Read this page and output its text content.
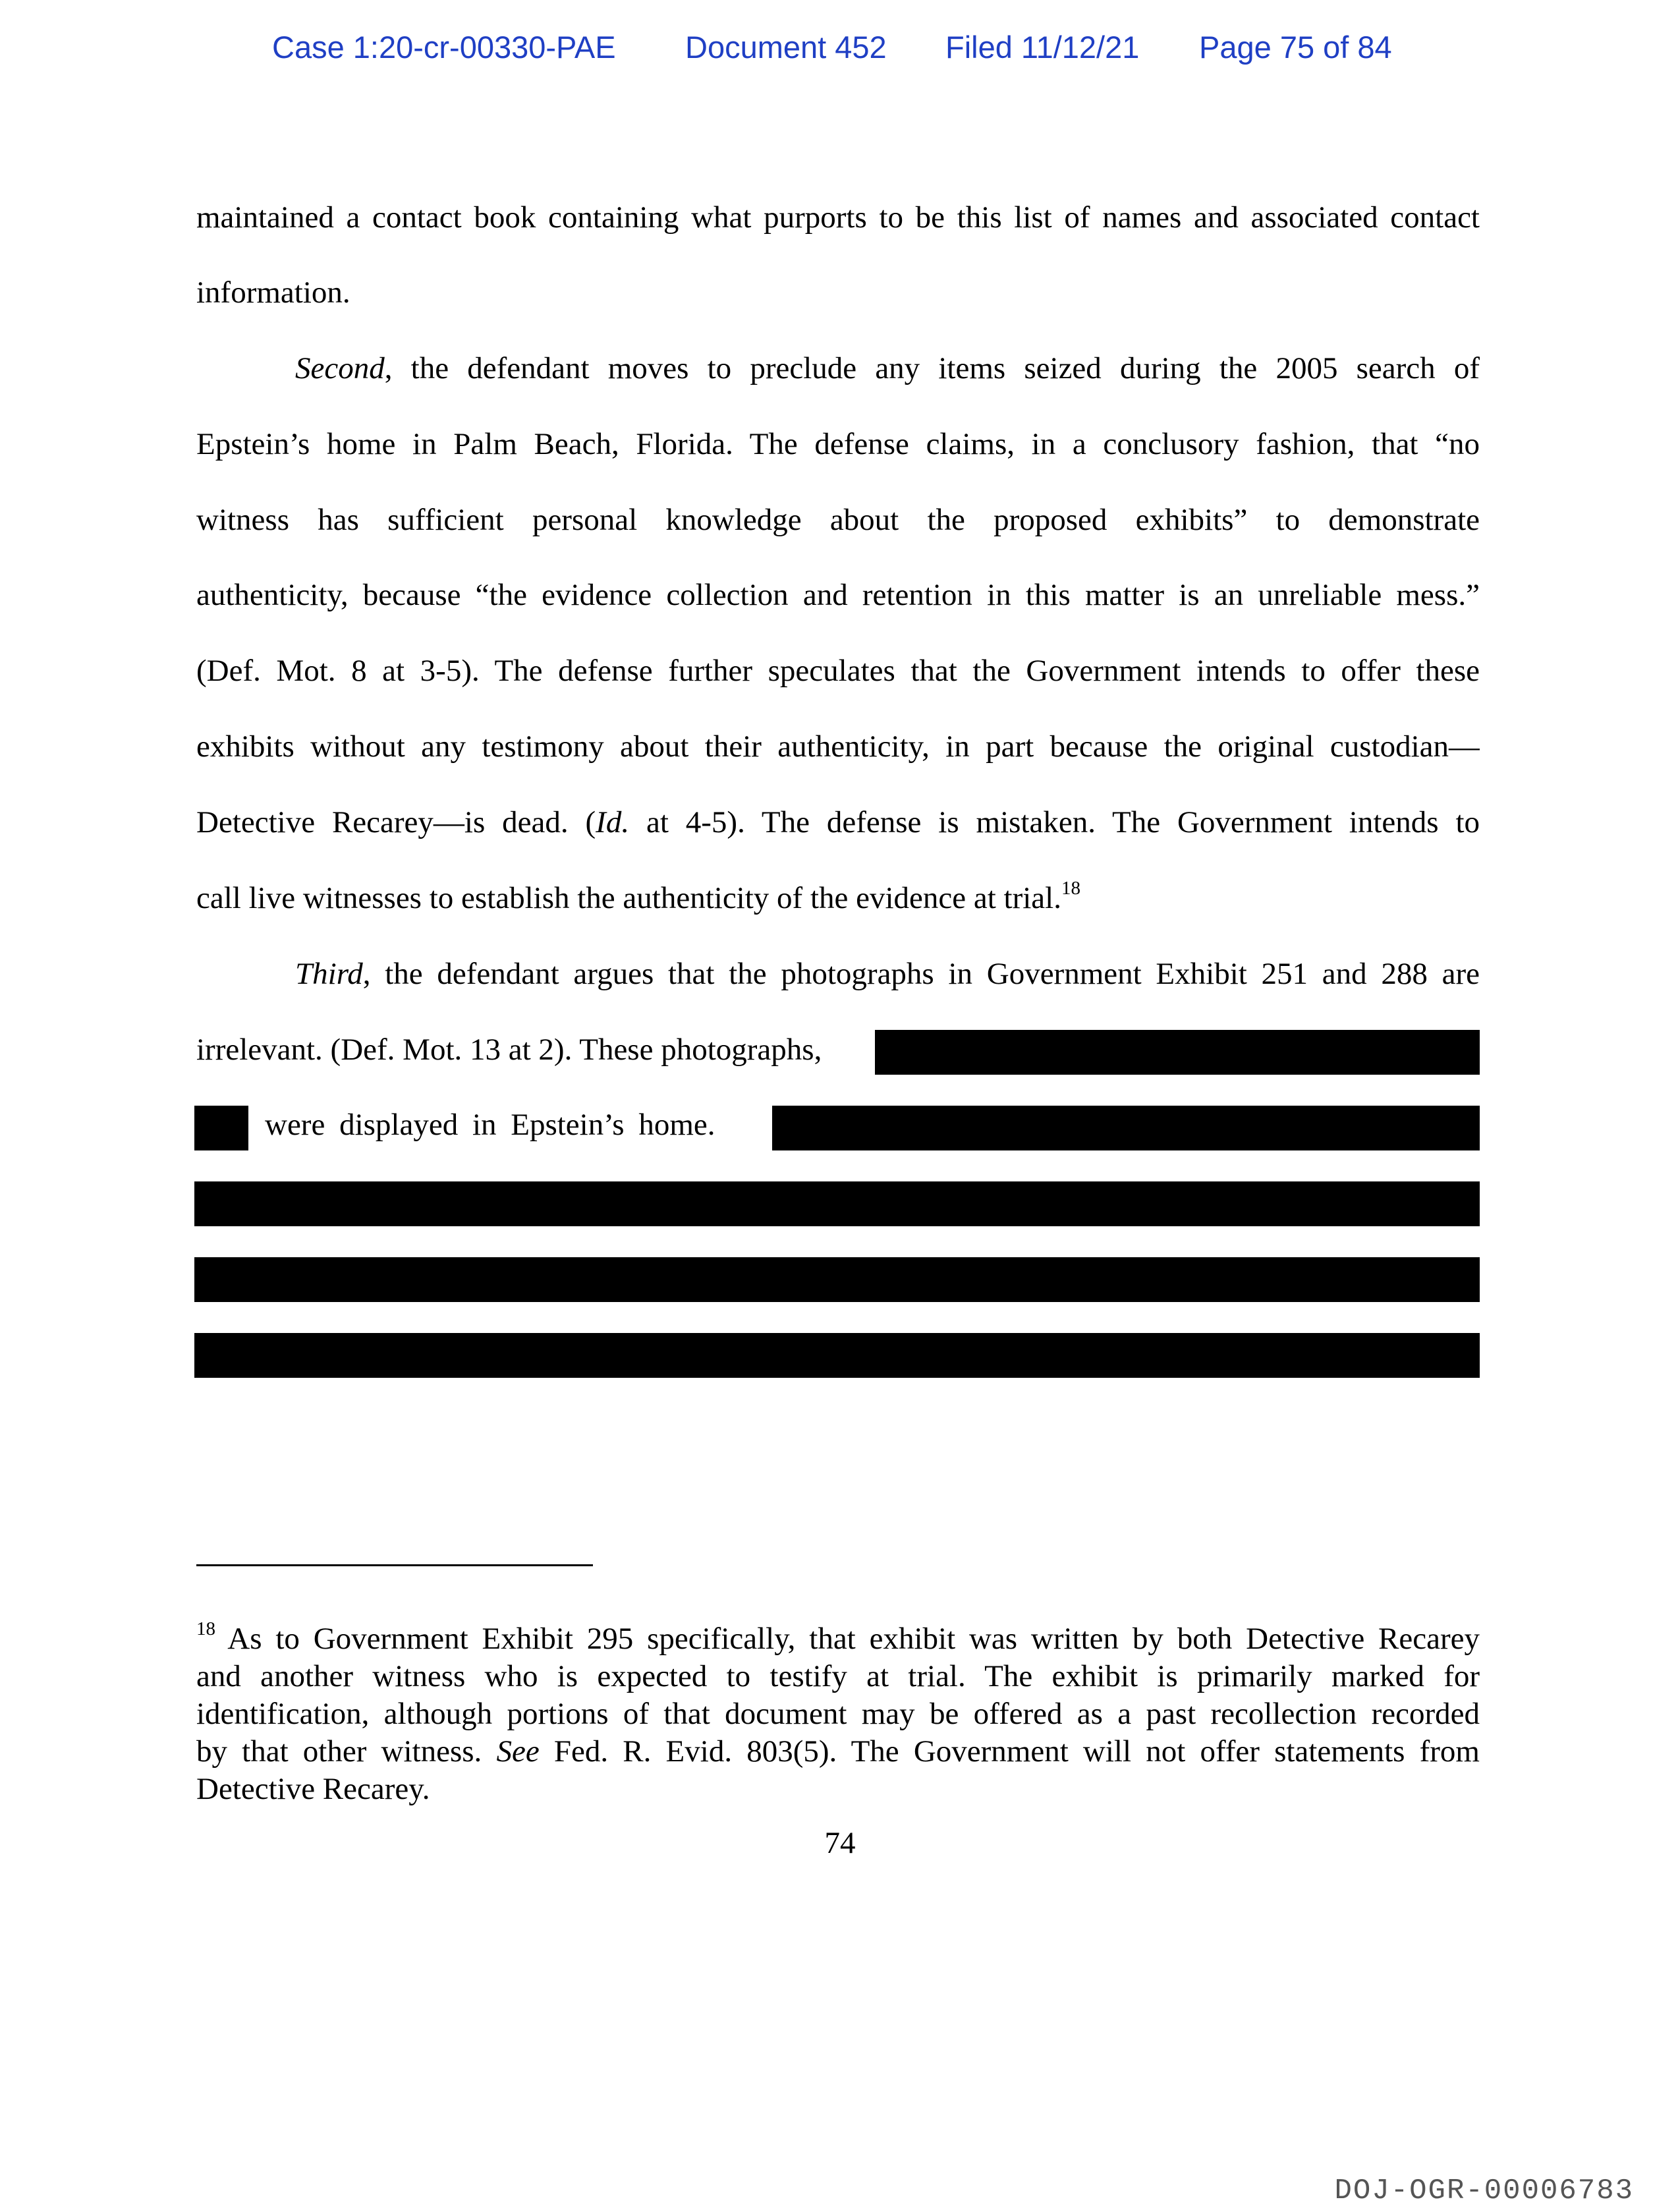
Case 1:20-cr-00330-PAE Document 452 Filed 11/12/21 Page 75 of 84
maintained a contact book containing what purports to be this list of names and associated contact
information.
Second, the defendant moves to preclude any items seized during the 2005 search of
Epstein’s home in Palm Beach, Florida. The defense claims, in a conclusory fashion, that “no
witness has sufficient personal knowledge about the proposed exhibits” to demonstrate
authenticity, because “the evidence collection and retention in this matter is an unreliable mess.”
(Def. Mot. 8 at 3-5). The defense further speculates that the Government intends to offer these
exhibits without any testimony about their authenticity, in part because the original custodian—
Detective Recarey—is dead. (Id. at 4-5). The defense is mistaken. The Government intends to
call live witnesses to establish the authenticity of the evidence at trial.$^{18}$
Third, the defendant argues that the photographs in Government Exhibit 251 and 288 are
irrelevant. (Def. Mot. 13 at 2). These photographs,
were displayed in Epstein’s home.
$^{18}$ As to Government Exhibit 295 specifically, that exhibit was written by both Detective Recarey
and another witness who is expected to testify at trial. The exhibit is primarily marked for
identification, although portions of that document may be offered as a past recollection recorded
by that other witness. See Fed. R. Evid. 803(5). The Government will not offer statements from
Detective Recarey.
74
DOJ-OGR-00006783
